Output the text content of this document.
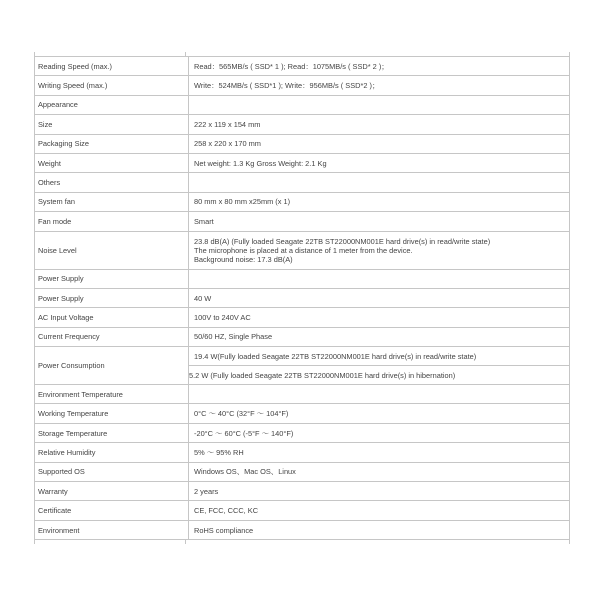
Reading Speed (max.)	Read：565MB/s ( SSD* 1 ); Read：1075MB/s ( SSD* 2 )；
Writing Speed (max.)	Write：524MB/s ( SSD*1 ); Write：956MB/s ( SSD*2 )；
Appearance	
Size	222 x 119 x 154 mm
Packaging Size	258 x 220 x 170 mm
Weight	Net weight: 1.3 Kg Gross Weight: 2.1 Kg
Others	
System fan	80 mm x 80 mm x25mm (x 1)
Fan mode	Smart
Noise Level	23.8 dB(A) (Fully loaded Seagate 22TB ST22000NM001E hard drive(s) in read/write state)
The microphone is placed at a distance of 1 meter from the device.
Background noise: 17.3 dB(A)

Power Supply	
Power Supply	40 W
AC Input Voltage	100V to 240V AC
Current Frequency	50/60 HZ, Single Phase
Power Consumption	19.4 W(Fully loaded Seagate 22TB ST22000NM001E hard drive(s) in read/write state)
	5.2 W (Fully loaded Seagate 22TB ST22000NM001E hard drive(s) in hibernation)
Environment Temperature	
Working Temperature	0°C ～ 40°C (32°F ～ 104°F)
Storage Temperature	-20°C ～ 60°C (-5°F ～ 140°F)
Relative Humidity	5% ～ 95% RH
Supported OS	Windows OS、Mac OS、Linux
Warranty	2 years
Certificate	CE, FCC, CCC, KC
Environment	RoHS compliance
